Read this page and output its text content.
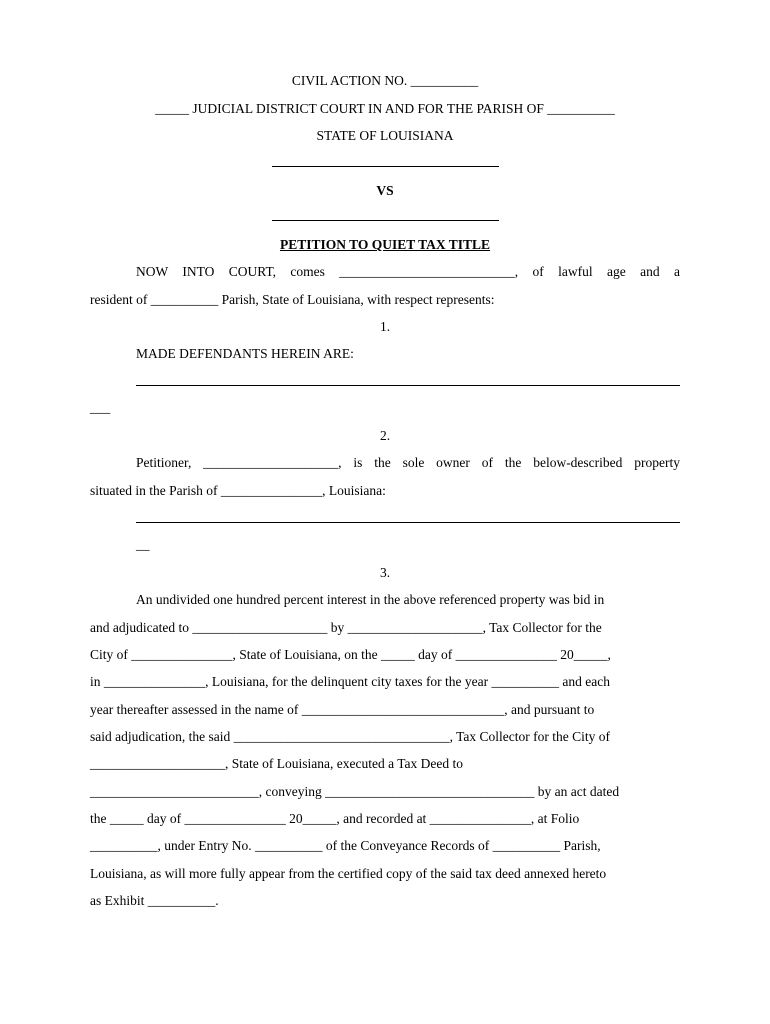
CIVIL ACTION NO. __________

_____ JUDICIAL DISTRICT COURT IN AND FOR THE PARISH OF __________

STATE OF LOUISIANA

VS

PETITION TO QUIET TAX TITLE

NOW INTO COURT, comes __________________________, of lawful age and a

resident of __________ Parish, State of Louisiana, with respect represents:

1.

MADE DEFENDANTS HEREIN ARE:

___

2.

Petitioner, ____________________, is the sole owner of the below-described property

situated in the Parish of _______________, Louisiana:

__

3.

An undivided one hundred percent interest in the above referenced property was bid in

and adjudicated to ____________________ by ____________________, Tax Collector for the

City of _______________, State of Louisiana, on the _____ day of _______________ 20_____,

in _______________, Louisiana, for the delinquent city taxes for the year __________ and each

year thereafter assessed in the name of ______________________________, and pursuant to

said adjudication, the said ________________________________, Tax Collector for the City of

____________________, State of Louisiana, executed a Tax Deed to

_________________________, conveying _______________________________ by an act dated

the _____ day of _______________ 20_____, and recorded at _______________, at Folio

__________, under Entry No. __________ of the Conveyance Records of __________ Parish,

Louisiana, as will more fully appear from the certified copy of the said tax deed annexed hereto

as Exhibit __________.
